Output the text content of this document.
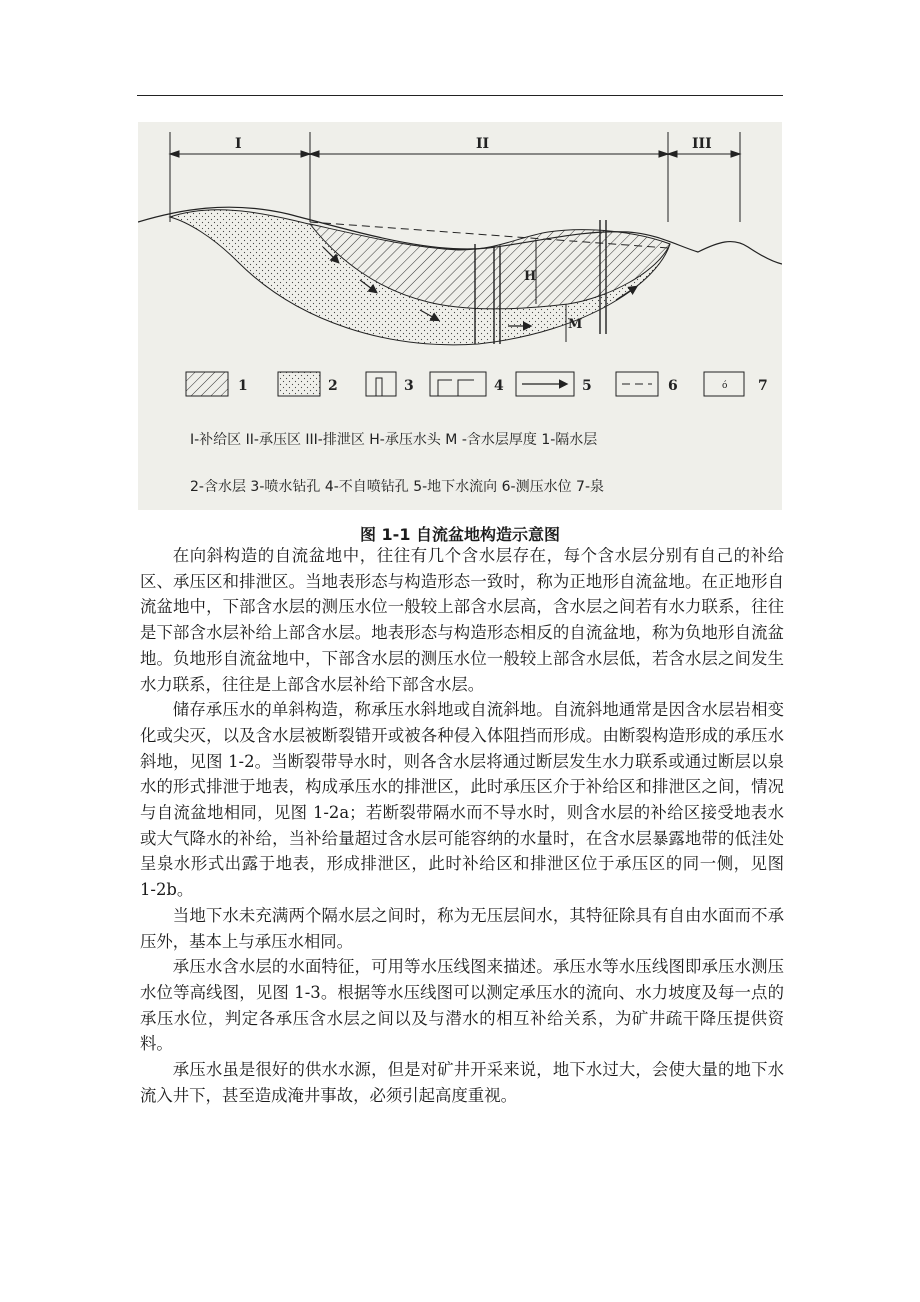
I	II	III
H
M
ó
1	2	3	4	5	6	7
I-补给区 II-承压区 III-排泄区 H-承压水头 M -含水层厚度 1-隔水层
2-含水层 3-喷水钻孔 4-不自喷钻孔 5-地下水流向 6-测压水位 7-泉
图 1-1 自流盆地构造示意图

在向斜构造的自流盆地中，往往有几个含水层存在，每个含水层分别有自己的补给区、承压区和排泄区。当地表形态与构造形态一致时，称为正地形自流盆地。在正地形自流盆地中，下部含水层的测压水位一般较上部含水层高，含水层之间若有水力联系，往往是下部含水层补给上部含水层。地表形态与构造形态相反的自流盆地，称为负地形自流盆地。负地形自流盆地中，下部含水层的测压水位一般较上部含水层低，若含水层之间发生水力联系，往往是上部含水层补给下部含水层。

储存承压水的单斜构造，称承压水斜地或自流斜地。自流斜地通常是因含水层岩相变化或尖灭，以及含水层被断裂错开或被各种侵入体阻挡而形成。由断裂构造形成的承压水斜地，见图 1-2。当断裂带导水时，则各含水层将通过断层发生水力联系或通过断层以泉水的形式排泄于地表，构成承压水的排泄区，此时承压区介于补给区和排泄区之间，情况与自流盆地相同，见图 1-2a；若断裂带隔水而不导水时，则含水层的补给区接受地表水或大气降水的补给，当补给量超过含水层可能容纳的水量时，在含水层暴露地带的低洼处呈泉水形式出露于地表，形成排泄区，此时补给区和排泄区位于承压区的同一侧，见图 1-2b。

当地下水未充满两个隔水层之间时，称为无压层间水，其特征除具有自由水面而不承压外，基本上与承压水相同。

承压水含水层的水面特征，可用等水压线图来描述。承压水等水压线图即承压水测压水位等高线图，见图 1-3。根据等水压线图可以测定承压水的流向、水力坡度及每一点的承压水位，判定各承压含水层之间以及与潜水的相互补给关系，为矿井疏干降压提供资料。

承压水虽是很好的供水水源，但是对矿井开采来说，地下水过大，会使大量的地下水流入井下，甚至造成淹井事故，必须引起高度重视。
